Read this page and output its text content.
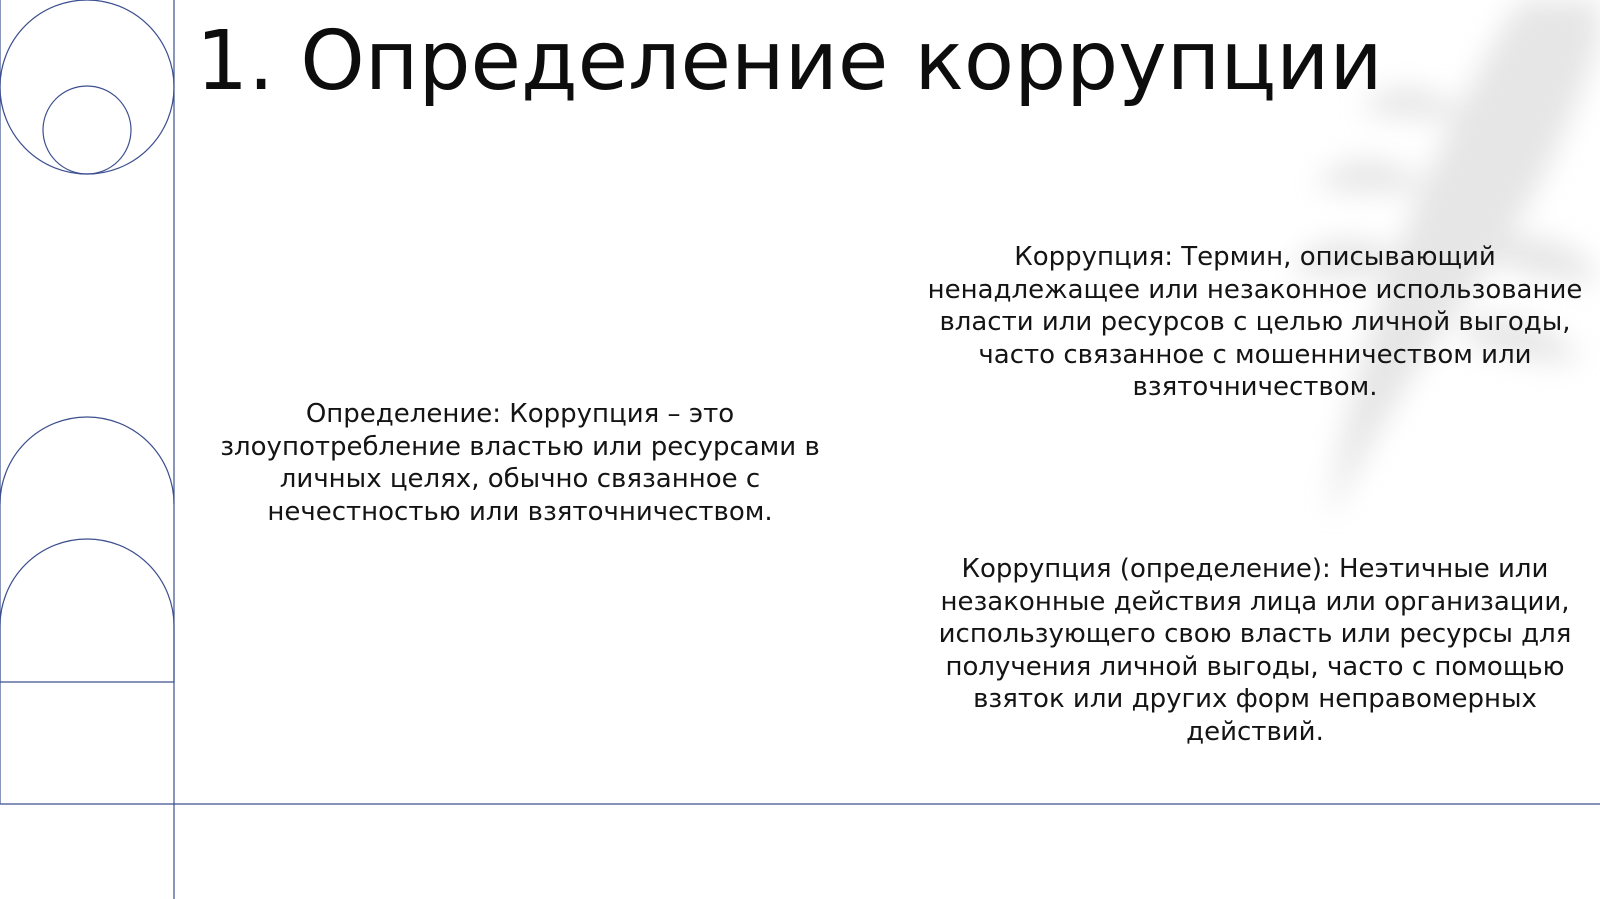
1. Определение коррупции

Определение: Коррупция – это злоупотребление властью или ресурсами в личных целях, обычно связанное с нечестностью или взяточничеством.

Коррупция: Термин, описывающий ненадлежащее или незаконное использование власти или ресурсов с целью личной выгоды, часто связанное с мошенничеством или взяточничеством.

Коррупция (определение): Неэтичные или незаконные действия лица или организации, использующего свою власть или ресурсы для получения личной выгоды, часто с помощью взяток или других форм неправомерных действий.
